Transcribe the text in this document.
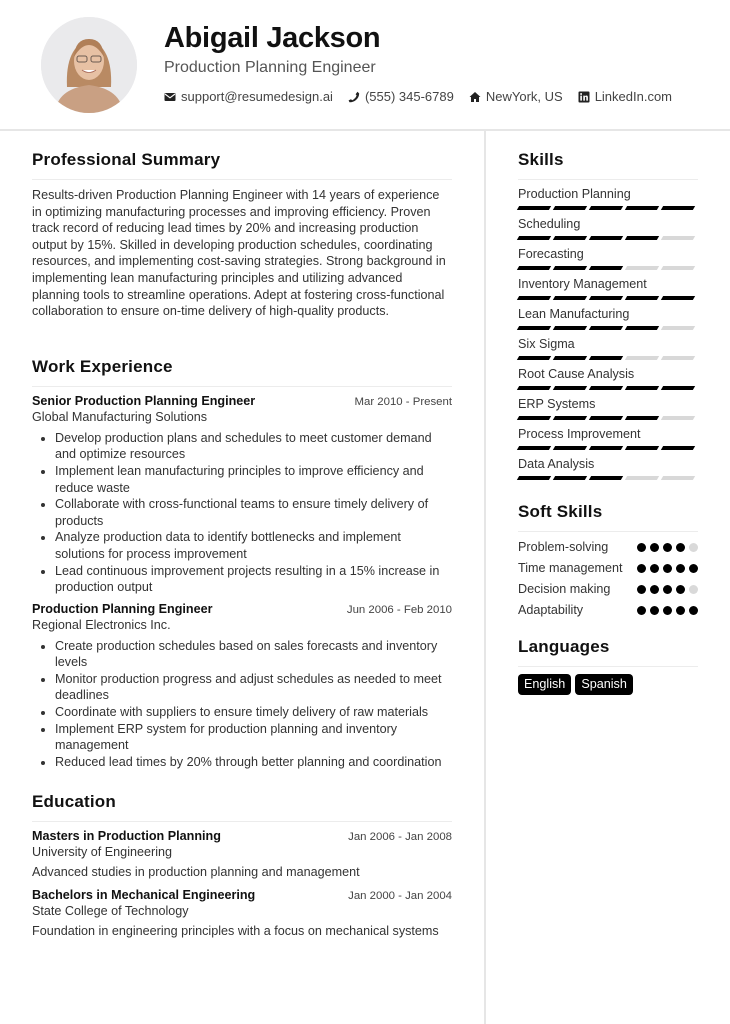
Abigail Jackson
Production Planning Engineer
support@resumedesign.ai (555) 345-6789 NewYork, US LinkedIn.com
Professional Summary

Results-driven Production Planning Engineer with 14 years of experience in optimizing manufacturing processes and improving efficiency. Proven track record of reducing lead times by 20% and increasing production output by 15%. Skilled in developing production schedules, coordinating resources, and implementing cost-saving strategies. Strong background in implementing lean manufacturing principles and utilizing advanced planning tools to streamline operations. Adept at fostering cross-functional collaboration to ensure on-time delivery of high-quality products.

Work Experience
Senior Production Planning Engineer	Mar 2010 - Present
Global Manufacturing Solutions
Develop production plans and schedules to meet customer demand and optimize resources
Implement lean manufacturing principles to improve efficiency and reduce waste
Collaborate with cross-functional teams to ensure timely delivery of products
Analyze production data to identify bottlenecks and implement solutions for process improvement
Lead continuous improvement projects resulting in a 15% increase in production output
Production Planning Engineer	Jun 2006 - Feb 2010
Regional Electronics Inc.
Create production schedules based on sales forecasts and inventory levels
Monitor production progress and adjust schedules as needed to meet deadlines
Coordinate with suppliers to ensure timely delivery of raw materials
Implement ERP system for production planning and inventory management
Reduced lead times by 20% through better planning and coordination
Education
Masters in Production Planning	Jan 2006 - Jan 2008
University of Engineering
Advanced studies in production planning and management
Bachelors in Mechanical Engineering	Jan 2000 - Jan 2004
State College of Technology
Foundation in engineering principles with a focus on mechanical systems
Skills
Production Planning
Scheduling
Forecasting
Inventory Management
Lean Manufacturing
Six Sigma
Root Cause Analysis
ERP Systems
Process Improvement
Data Analysis
Soft Skills
Problem-solving
Time management
Decision making
Adaptability
Languages
English	Spanish
